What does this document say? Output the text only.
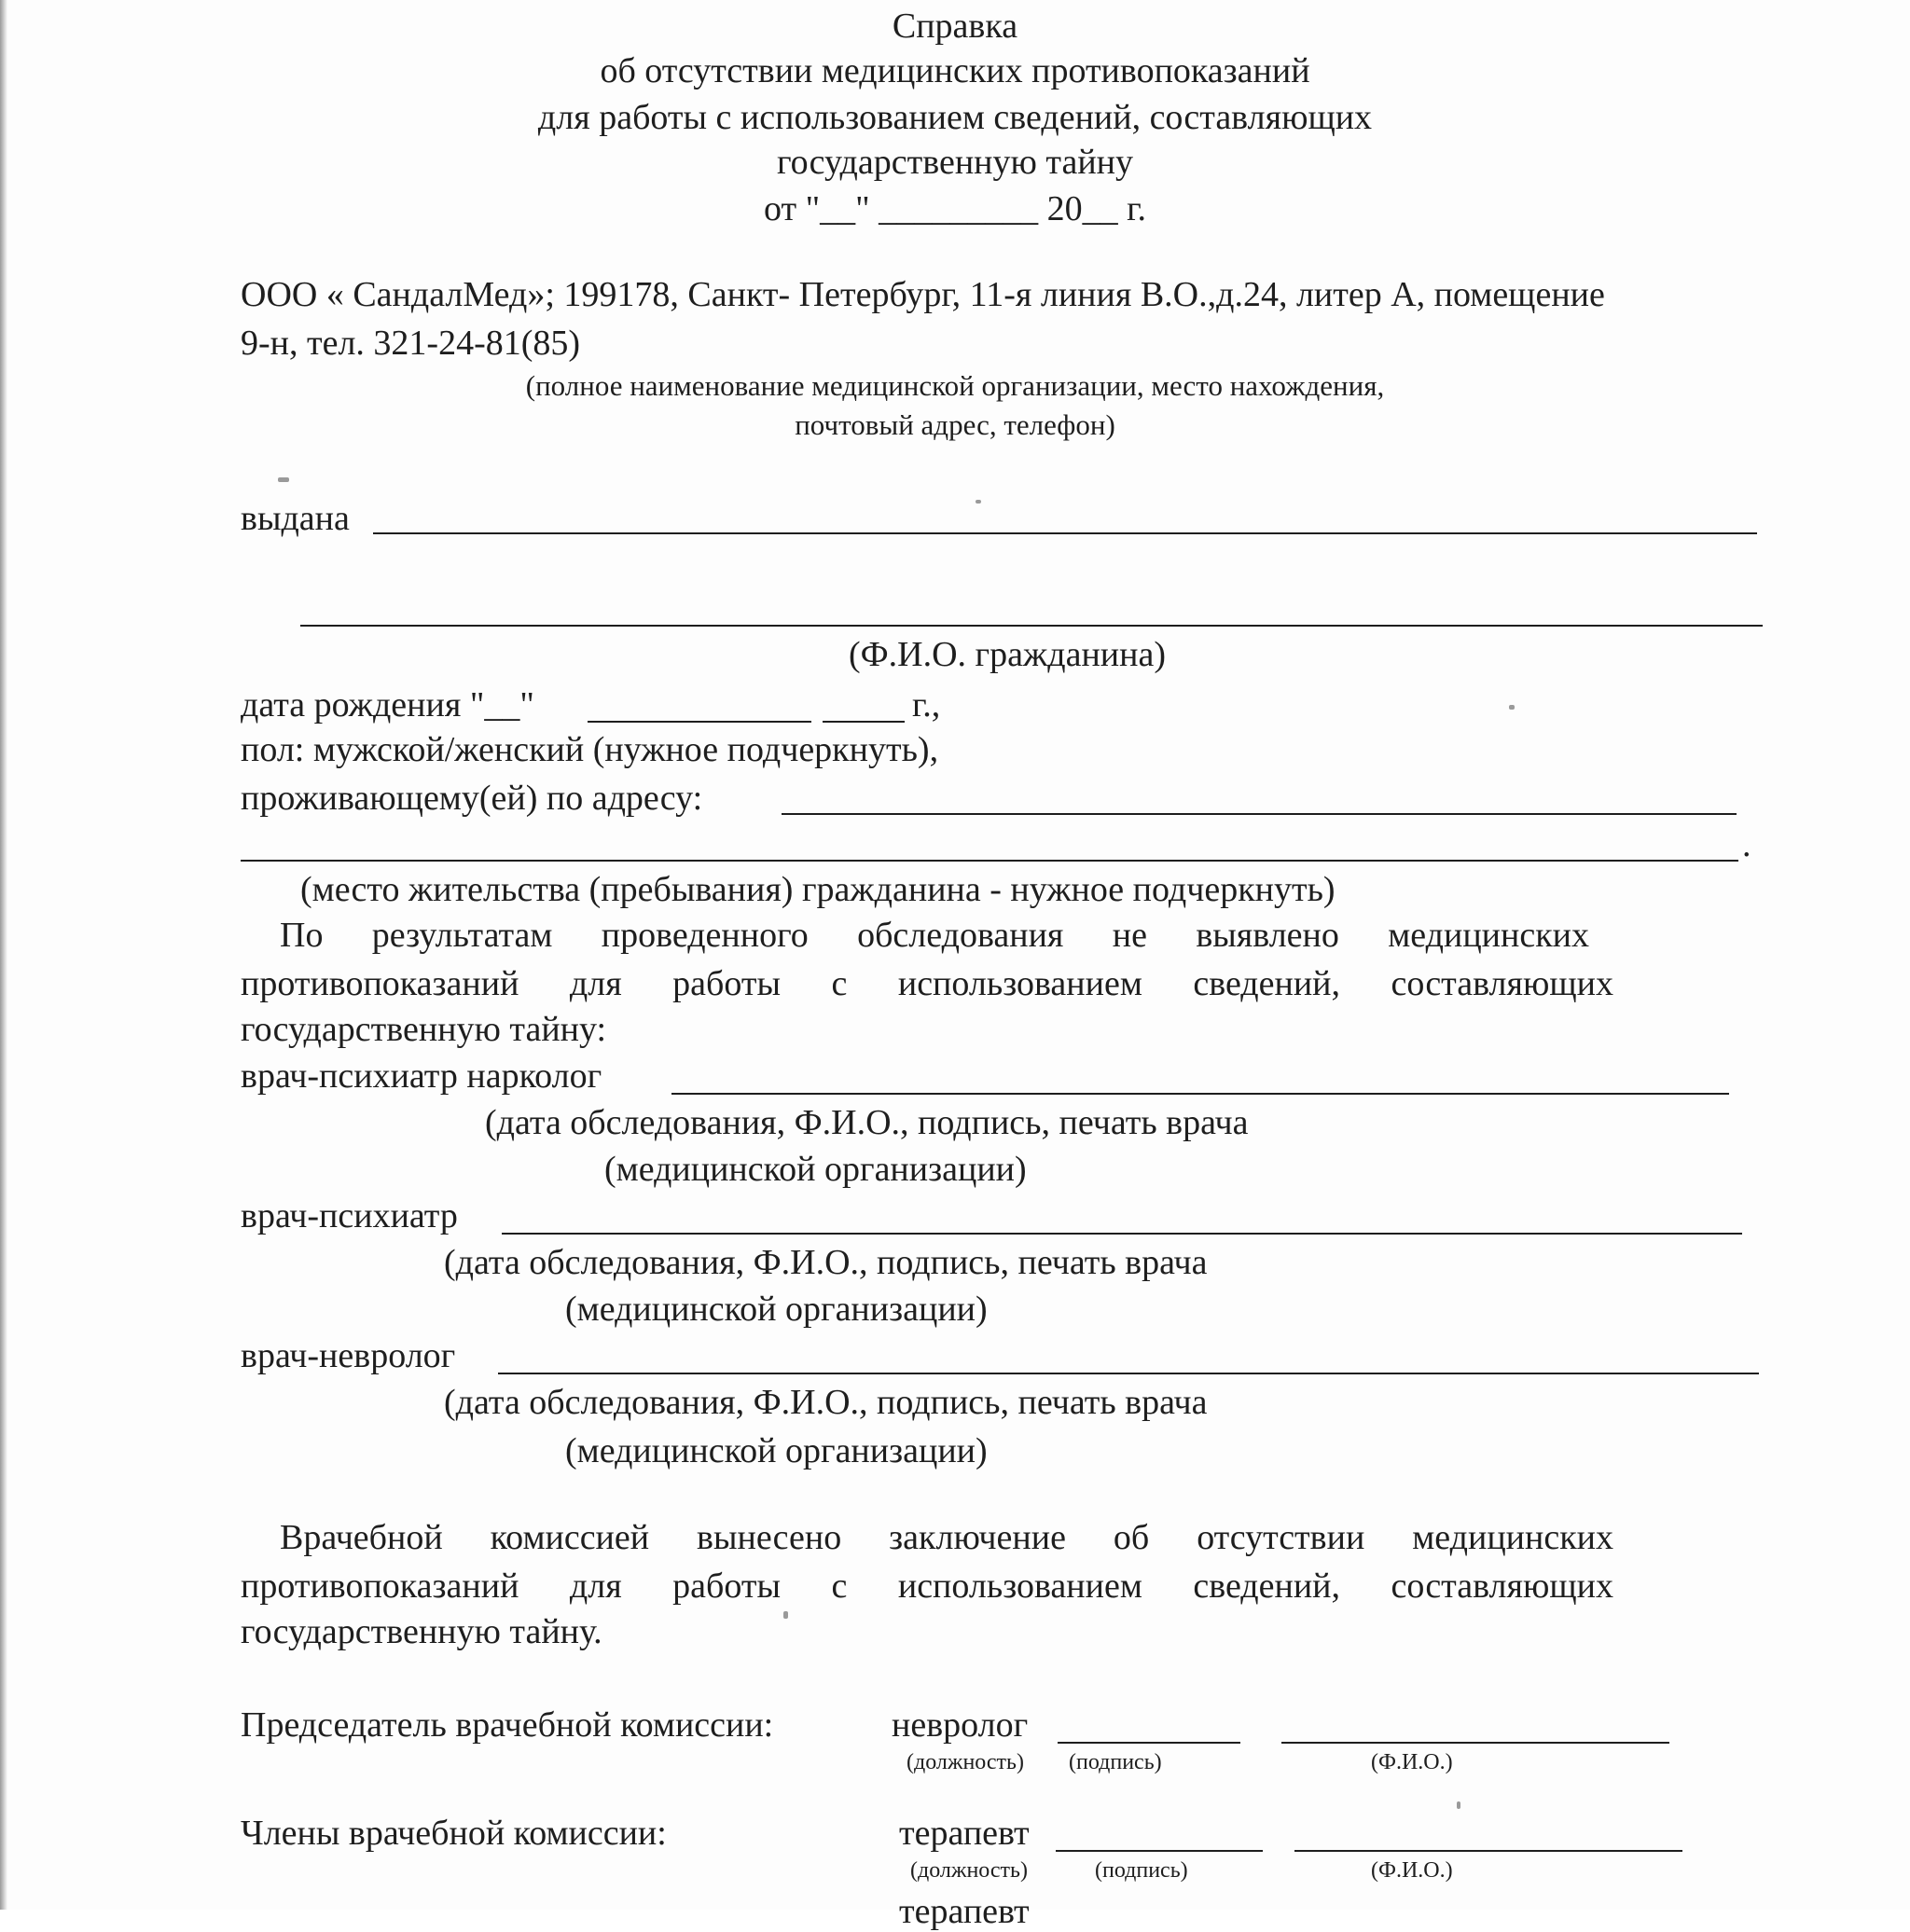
Справка
об отсутствии медицинских противопоказаний
для работы с использованием сведений, составляющих
государственную тайну
от "__" _________ 20__ г.
ООО « СандалМед»; 199178, Санкт- Петербург, 11-я линия В.О.,д.24, литер А, помещение
9-н, тел. 321-24-81(85)
(полное наименование медицинской организации, место нахождения,
почтовый адрес, телефон)
выдана
(Ф.И.О. гражданина)
дата рождения "__"	г.,
пол: мужской/женский (нужное подчеркнуть),
проживающему(ей) по адресу:
.
(место жительства (пребывания) гражданина - нужное подчеркнуть)
По результатам проведенного обследования не выявлено медицинских
противопоказаний для работы с использованием сведений, составляющих
государственную тайну:
врач-психиатр нарколог
(дата обследования, Ф.И.О., подпись, печать врача
(медицинской организации)
врач-психиатр
(дата обследования, Ф.И.О., подпись, печать врача
(медицинской организации)
врач-невролог
(дата обследования, Ф.И.О., подпись, печать врача
(медицинской организации)
Врачебной комиссией вынесено заключение об отсутствии медицинских
противопоказаний для работы с использованием сведений, составляющих
государственную тайну.
Председатель врачебной комиссии:	невролог
(должность) (подпись)	(Ф.И.О.)
Члены врачебной комиссии:	терапевт
(должность)	(подпись)	(Ф.И.О.)
терапевт
